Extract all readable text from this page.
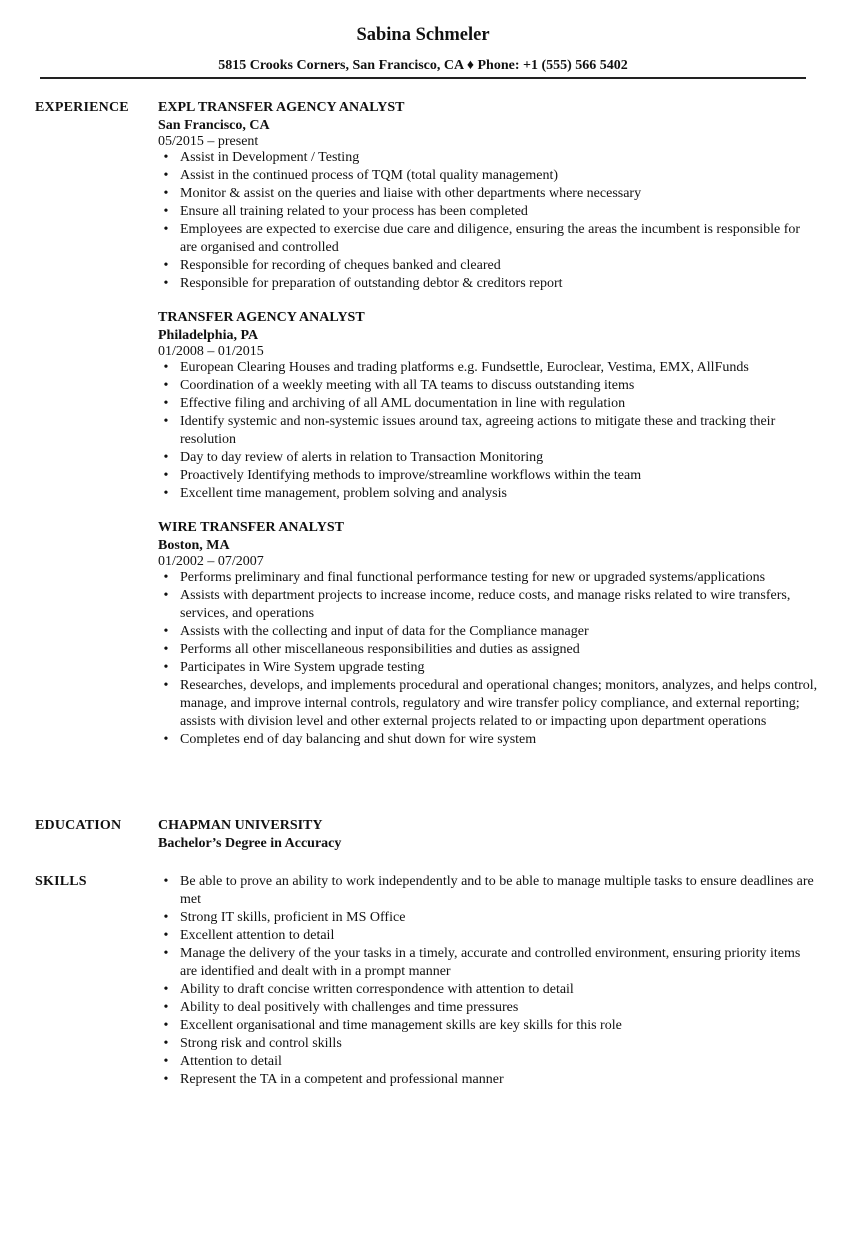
Sabina Schmeler
5815 Crooks Corners, San Francisco, CA ♦ Phone: +1 (555) 566 5402
EXPERIENCE EXPL TRANSFER AGENCY ANALYST
San Francisco, CA
05/2015 – present
• Assist in Development / Testing
• Assist in the continued process of TQM (total quality management)
• Monitor & assist on the queries and liaise with other departments where necessary
• Ensure all training related to your process has been completed
• Employees are expected to exercise due care and diligence, ensuring the areas the incumbent is responsible for are organised and controlled
• Responsible for recording of cheques banked and cleared
• Responsible for preparation of outstanding debtor & creditors report
TRANSFER AGENCY ANALYST
Philadelphia, PA
01/2008 – 01/2015
• European Clearing Houses and trading platforms e.g. Fundsettle, Euroclear, Vestima, EMX, AllFunds
• Coordination of a weekly meeting with all TA teams to discuss outstanding items
• Effective filing and archiving of all AML documentation in line with regulation
• Identify systemic and non-systemic issues around tax, agreeing actions to mitigate these and tracking their resolution
• Day to day review of alerts in relation to Transaction Monitoring
• Proactively Identifying methods to improve/streamline workflows within the team
• Excellent time management, problem solving and analysis
WIRE TRANSFER ANALYST
Boston, MA
01/2002 – 07/2007
• Performs preliminary and final functional performance testing for new or upgraded systems/applications
• Assists with department projects to increase income, reduce costs, and manage risks related to wire transfers, services, and operations
• Assists with the collecting and input of data for the Compliance manager
• Performs all other miscellaneous responsibilities and duties as assigned
• Participates in Wire System upgrade testing
• Researches, develops, and implements procedural and operational changes; monitors, analyzes, and helps control, manage, and improve internal controls, regulatory and wire transfer policy compliance, and external reporting; assists with division level and other external projects related to or impacting upon department operations
• Completes end of day balancing and shut down for wire system
EDUCATION	CHAPMAN UNIVERSITY
Bachelor’s Degree in Accuracy
SKILLS	• Be able to prove an ability to work independently and to be able to manage multiple tasks to ensure deadlines are met
• Strong IT skills, proficient in MS Office
• Excellent attention to detail
• Manage the delivery of the your tasks in a timely, accurate and controlled environment, ensuring priority items are identified and dealt with in a prompt manner
• Ability to draft concise written correspondence with attention to detail
• Ability to deal positively with challenges and time pressures
• Excellent organisational and time management skills are key skills for this role
• Strong risk and control skills
• Attention to detail
• Represent the TA in a competent and professional manner
